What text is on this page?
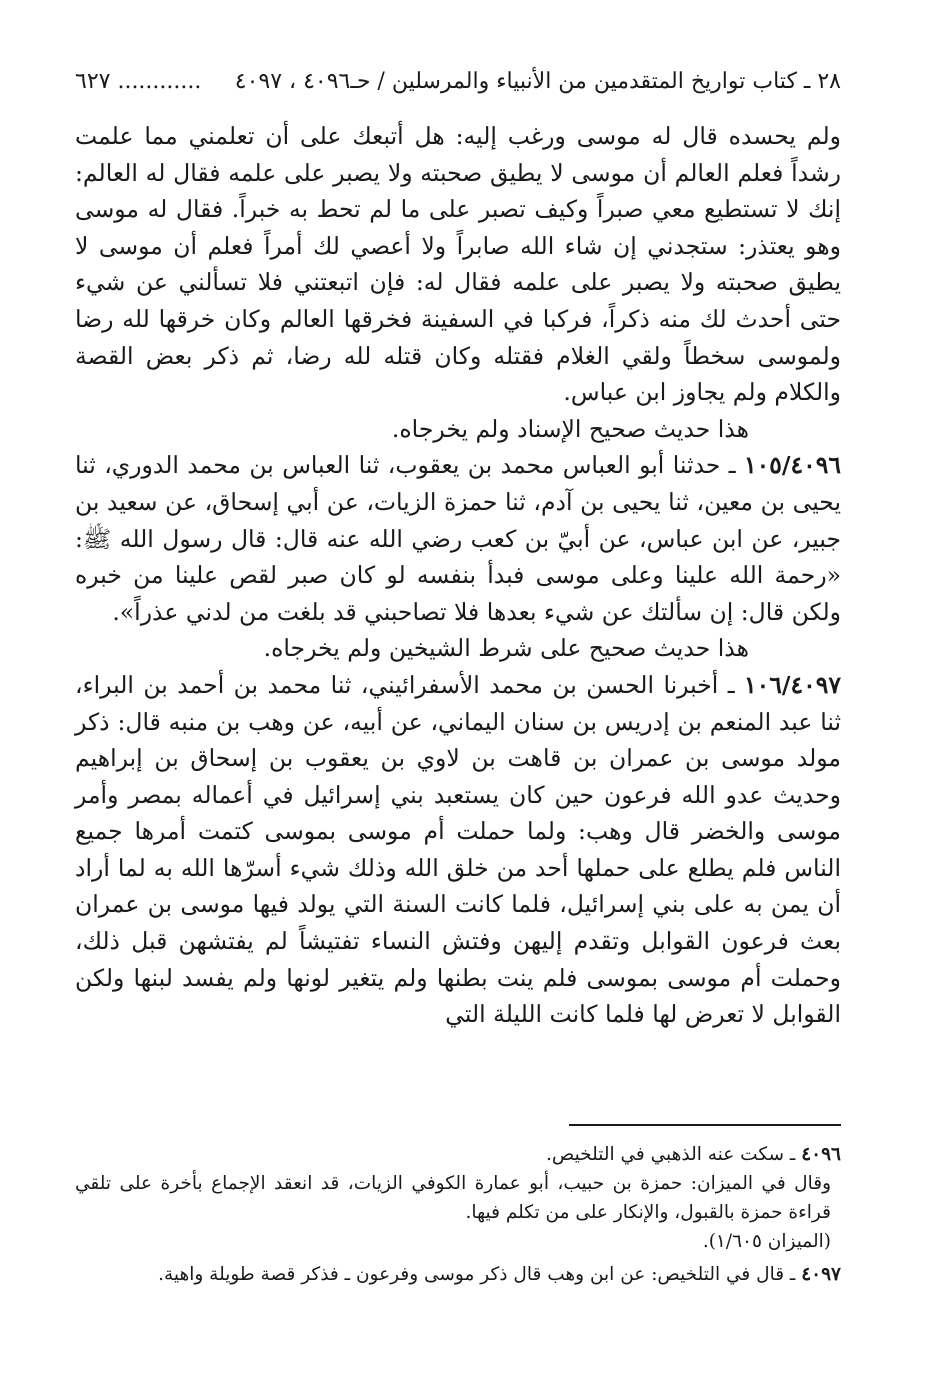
٢٨ ـ كتاب تواريخ المتقدمين من الأنبياء والمرسلين / حـ٤٠٩٦ ، ٤٠٩٧
............ ٦٢٧

ولم يحسده قال له موسى ورغب إليه: هل أتبعك على أن تعلمني مما علمت رشداً فعلم العالم أن موسى لا يطيق صحبته ولا يصبر على علمه فقال له العالم: إنك لا تستطيع معي صبراً وكيف تصبر على ما لم تحط به خبراً. فقال له موسى وهو يعتذر: ستجدني إن شاء الله صابراً ولا أعصي لك أمراً فعلم أن موسى لا يطيق صحبته ولا يصبر على علمه فقال له: فإن اتبعتني فلا تسألني عن شيء حتى أحدث لك منه ذكراً، فركبا في السفينة فخرقها العالم وكان خرقها لله رضا ولموسى سخطاً ولقي الغلام فقتله وكان قتله لله رضا، ثم ذكر بعض القصة والكلام ولم يجاوز ابن عباس.

هذا حديث صحيح الإسناد ولم يخرجاه.

١٠٥/٤٠٩٦ ـ حدثنا أبو العباس محمد بن يعقوب، ثنا العباس بن محمد الدوري، ثنا يحيى بن معين، ثنا يحيى بن آدم، ثنا حمزة الزيات، عن أبي إسحاق، عن سعيد بن جبير، عن ابن عباس، عن أبيّ بن كعب رضي الله عنه قال: قال رسول الله ﷺ: «رحمة الله علينا وعلى موسى فبدأ بنفسه لو كان صبر لقص علينا من خبره ولكن قال: إن سألتك عن شيء بعدها فلا تصاحبني قد بلغت من لدني عذراً».

هذا حديث صحيح على شرط الشيخين ولم يخرجاه.

١٠٦/٤٠٩٧ ـ أخبرنا الحسن بن محمد الأسفرائيني، ثنا محمد بن أحمد بن البراء، ثنا عبد المنعم بن إدريس بن سنان اليماني، عن أبيه، عن وهب بن منبه قال: ذكر مولد موسى بن عمران بن قاهت بن لاوي بن يعقوب بن إسحاق بن إبراهيم وحديث عدو الله فرعون حين كان يستعبد بني إسرائيل في أعماله بمصر وأمر موسى والخضر قال وهب: ولما حملت أم موسى بموسى كتمت أمرها جميع الناس فلم يطلع على حملها أحد من خلق الله وذلك شيء أسرّها الله به لما أراد أن يمن به على بني إسرائيل، فلما كانت السنة التي يولد فيها موسى بن عمران بعث فرعون القوابل وتقدم إليهن وفتش النساء تفتيشاً لم يفتشهن قبل ذلك، وحملت أم موسى بموسى فلم ينت بطنها ولم يتغير لونها ولم يفسد لبنها ولكن القوابل لا تعرض لها فلما كانت الليلة التي

٤٠٩٦ ـ سكت عنه الذهبي في التلخيص.

وقال في الميزان: حمزة بن حبيب، أبو عمارة الكوفي الزيات، قد انعقد الإجماع بأخرة على تلقي قراءة حمزة بالقبول، والإنكار على من تكلم فيها.

(الميزان ١/٦٠٥).

٤٠٩٧ ـ قال في التلخيص: عن ابن وهب قال ذكر موسى وفرعون ـ فذكر قصة طويلة واهية.
